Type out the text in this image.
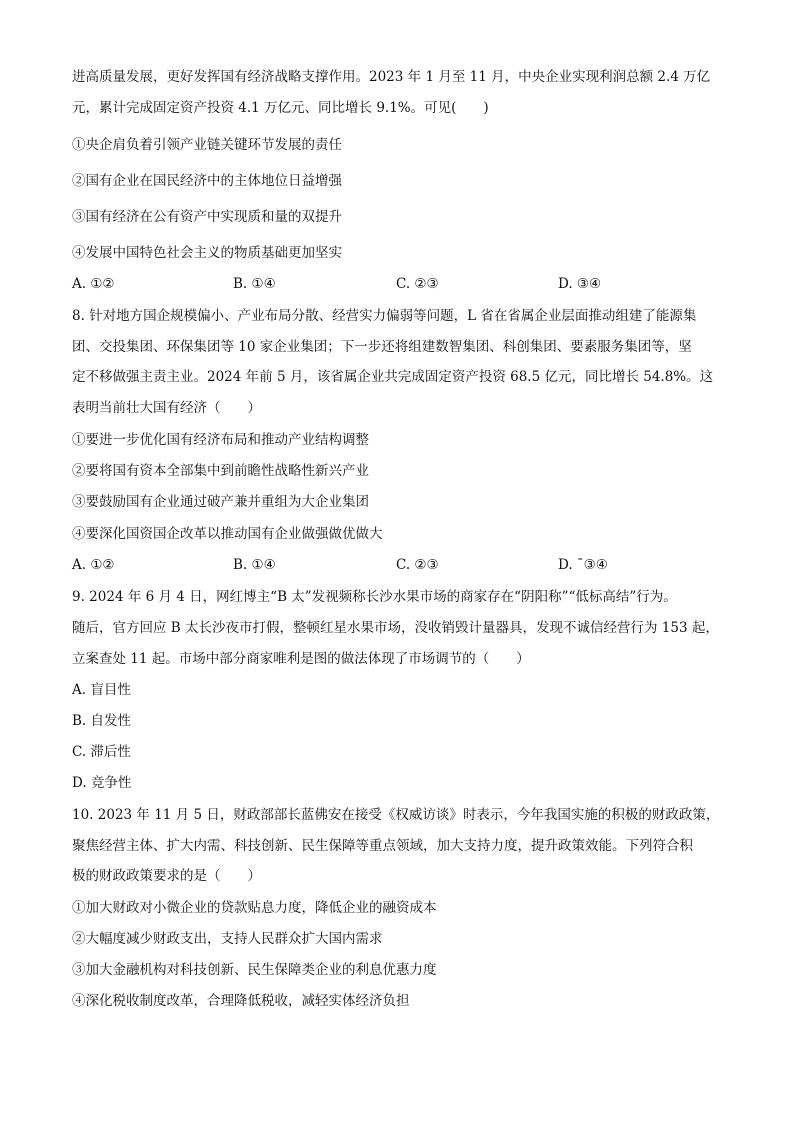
进高质量发展，更好发挥国有经济战略支撑作用。2023 年 1 月至 11 月，中央企业实现利润总额 2.4 万亿
元，累计完成固定资产投资 4.1 万亿元、同比增长 9.1%。可见(　　)
①央企肩负着引领产业链关键环节发展的责任
②国有企业在国民经济中的主体地位日益增强
③国有经济在公有资产中实现质和量的双提升
④发展中国特色社会主义的物质基础更加坚实
A. ①②	B. ①④	C. ②③	D. ③④
8. 针对地方国企规模偏小、产业布局分散、经营实力偏弱等问题，L 省在省属企业层面推动组建了能源集
团、交投集团、环保集团等 10 家企业集团；下一步还将组建数智集团、科创集团、要素服务集团等，坚
定不移做强主责主业。2024 年前 5 月，该省属企业共完成固定资产投资 68.5 亿元，同比增长 54.8%。这
表明当前壮大国有经济（　　）
①要进一步优化国有经济布局和推动产业结构调整
②要将国有资本全部集中到前瞻性战略性新兴产业
③要鼓励国有企业通过破产兼并重组为大企业集团
④要深化国资国企改革以推动国有企业做强做优做大
A. ①②	B. ①④	C. ②③	D. ˉ③④
9. 2024 年 6 月 4 日，网红博主“B 太”发视频称长沙水果市场的商家存在“阴阳称”“低标高结”行为。
随后，官方回应 B 太长沙夜市打假，整顿红星水果市场，没收销毁计量器具，发现不诚信经营行为 153 起，
立案查处 11 起。市场中部分商家唯利是图的做法体现了市场调节的（　　）
A. 盲目性
B. 自发性
C. 滞后性
D. 竞争性
10. 2023 年 11 月 5 日，财政部部长蓝佛安在接受《权威访谈》时表示，今年我国实施的积极的财政政策，
聚焦经营主体、扩大内需、科技创新、民生保障等重点领域，加大支持力度，提升政策效能。下列符合积
极的财政政策要求的是（　　）
①加大财政对小微企业的贷款贴息力度，降低企业的融资成本
②大幅度减少财政支出，支持人民群众扩大国内需求
③加大金融机构对科技创新、民生保障类企业的利息优惠力度
④深化税收制度改革，合理降低税收，减轻实体经济负担
